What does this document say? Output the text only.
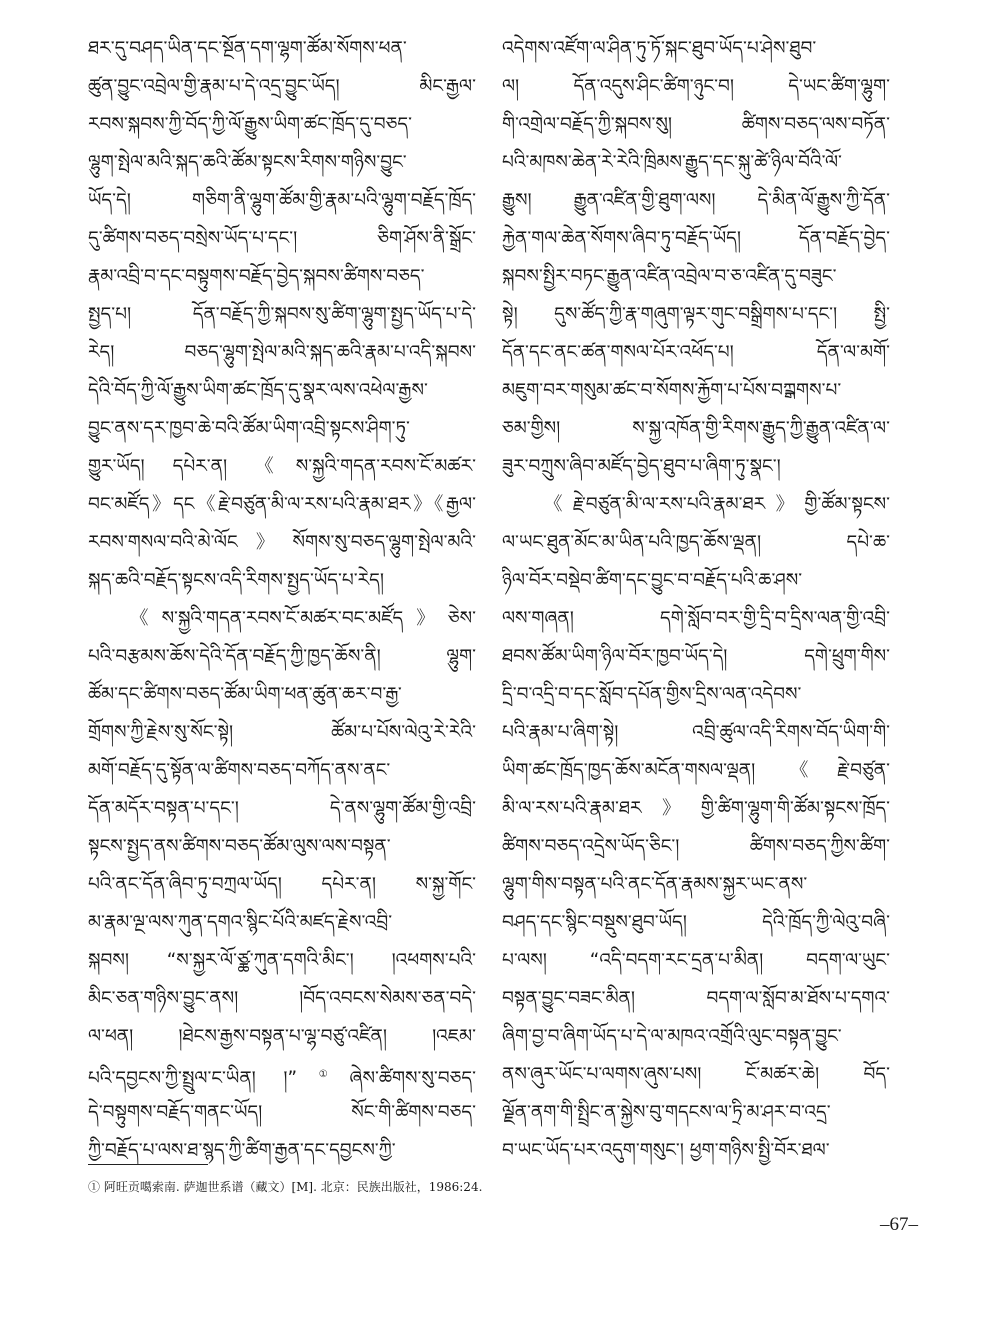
ཐར་དུ་བཤད་ཡིན་དང་སྔོན་དག་ལྷག་ཚོམ་སོགས་ཕན་
ཚུན་བྱུང་འབྲེལ་གྱི་རྣམ་པ་དེ་འདྲ་བྱུང་ཡོད། མིང་རྒྱལ་
རབས་སྐབས་ཀྱི་བོད་ཀྱི་ལོ་རྒྱུས་ཡིག་ཚང་ཁྲོད་དུ་བཅད་
ལྷུག་སྤེལ་མའི་སྐད་ཆའི་ཚོམ་སྟངས་རིགས་གཉིས་བྱུང་
ཡོད་དེ། གཅིག་ནི་ལྷུག་ཚོམ་གྱི་རྣམ་པའི་ལྷུག་བརྗོད་ཁྲོད་
དུ་ཚིགས་བཅད་བསྲེས་ཡོད་པ་དང་། ཅིག་ཤོས་ནི་སྒྲོང་
རྣམ་འབྲི་བ་དང་བསྟུགས་བརྗོད་བྱེད་སྐབས་ཚིགས་བཅད་
སྤྱད་པ། དོན་བརྗོད་ཀྱི་སྐབས་སུ་ཚིག་ལྷུག་སྤྱད་ཡོད་པ་དེ་
རེད། བཅད་ལྷུག་སྤེལ་མའི་སྐད་ཆའི་རྣམ་པ་འདི་སྐབས་
དེའི་བོད་ཀྱི་ལོ་རྒྱུས་ཡིག་ཚང་ཁྲོད་དུ་སྣར་ལས་འཕེལ་རྒྱས་
བྱུང་ནས་དར་ཁྱབ་ཆེ་བའི་ཚོམ་ཡིག་འབྲི་སྟངས་ཤིག་ཏུ་
གྱུར་ཡོད། དཔེར་ན། 《ས་སྐྱའི་གདན་རབས་ངོ་མཚར་
བང་མཛོད》དང《རྗེ་བཙུན་མི་ལ་རས་པའི་རྣམ་ཐར》《རྒྱལ་
རབས་གསལ་བའི་མེ་ལོང》སོགས་སུ་བཅད་ལྷུག་སྤེལ་མའི་
སྐད་ཆའི་བརྗོད་སྟངས་འདི་རིགས་སྤྱད་ཡོད་པ་རེད།
《ས་སྐྱའི་གདན་རབས་ངོ་མཚར་བང་མཛོད》ཅེས་
པའི་བརྩམས་ཆོས་དེའི་དོན་བརྗོད་ཀྱི་ཁྱད་ཆོས་ནི། ལྷུག་
ཚོམ་དང་ཚིགས་བཅད་ཚོམ་ཡིག་ཕན་ཚུན་ཆར་བ་རྒྱ་
གྲོགས་ཀྱི་རྗེས་སུ་སོང་སྟེ། ཚོམ་པ་པོས་ལེའུ་རེ་རེའི་
མགོ་བརྗོད་དུ་སྟོན་ལ་ཚིགས་བཅད་བཀོད་ནས་ནང་
དོན་མདོར་བསྟན་པ་དང་། དེ་ནས་ལྷུག་ཚོམ་གྱི་འབྲི་
སྟངས་སྤྱད་ནས་ཚིགས་བཅད་ཚོམ་ལུས་ལས་བསྟན་
པའི་ནང་དོན་ཞིབ་ཏུ་བཀྲལ་ཡོད། དཔེར་ན། ས་སྐྱ་གོང་
མ་རྣམ་ལྔ་ལས་ཀུན་དགའ་སྙིང་པོའི་མཛད་རྗེས་འབྲི་
སྐབས། “ས་སྐྱར་ལོ་ཙྪ་ཀུན་དགའི་མིང་། །འཕགས་པའི་
མིང་ཅན་གཉིས་བྱུང་ནས། །བོད་འབངས་སེམས་ཅན་བདེ་
ལ་ཕན། །ཐེངས་རྒྱས་བསྟན་པ་ལྷ་བཙུ་འཛིན། །འཇམ་
པའི་དབྱངས་ཀྱི་སྤྲུལ་ང་ཡིན། །”①ཞེས་ཚིགས་སུ་བཅད་
དེ་བསྟུགས་བརྗོད་གནང་ཡོད། སོང་གི་ཚིགས་བཅད་
ཀྱི་བརྗོད་པ་ལས་ཐ་སྙད་ཀྱི་ཚིག་རྒྱན་དང་དབྱངས་ཀྱི་
འདེགས་འཛོག་ལ་ཤིན་ཏུ་ཏོ་སྐང་ཐུབ་ཡོད་པ་ཤེས་ཐུབ་
ལ། དོན་འདུས་ཤིང་ཚིག་ཉུང་བ། དེ་ཡང་ཚིག་ལྷུག་
གི་འགྲེལ་བརྗོད་ཀྱི་སྐབས་སུ། ཚིགས་བཅད་ལས་བཏོན་
པའི་མཁས་ཆེན་རེ་རེའི་ཁྲིམས་རྒྱུད་དང་སྐུ་ཚེ་ཉིལ་བོའི་ལོ་
རྒྱུས། རྒྱུན་འཛིན་གྱི་ཐུག་ལས། དེ་མིན་ལོ་རྒྱུས་ཀྱི་དོན་
རྐྱེན་གལ་ཆེན་སོགས་ཞིབ་ཏུ་བརྗོད་ཡོད། དོན་བརྗོད་བྱེད་
སྐབས་སྤྱིར་བཏང་རྒྱུན་འཛིན་འབྲེལ་བ་ཅ་འཛིན་དུ་བཟུང་
སྟེ། དུས་ཚོད་ཀྱི་རྣ་གཞུག་ལྟར་གུང་བསྒྲིགས་པ་དང་། སྤྱི་
དོན་དང་ནང་ཚན་གསལ་པོར་འཕོད་པ། དོན་ལ་མགོ་
མཇུག་བར་གསུམ་ཚང་བ་སོགས་རྐྱོག་པ་པོས་བཀྲྒགས་པ་
ཅམ་གྱིས། ས་སྐྱ་འཁོན་གྱི་རིགས་རྒྱུད་ཀྱི་རྒྱུན་འཛིན་ལ་
ཟུར་བཀྲུས་ཞིབ་མཛོད་བྱེད་ཐུབ་པ་ཞིག་ཏུ་སྣང་།
《རྗེ་བཙུན་མི་ལ་རས་པའི་རྣམ་ཐར》གྱི་ཚོམ་སྟངས་
ལ་ཡང་ཐུན་མོང་མ་ཡིན་པའི་ཁྱད་ཆོས་ལྡན། དཔེ་ཆ་
ཉིལ་བོར་བསྡེབ་ཚིག་དང་བྱུང་བ་བརྗོད་པའི་ཆ་ཤས་
ལས་གཞན། དགེ་སློབ་བར་གྱི་དྲི་བ་དྲིས་ལན་གྱི་འབྲི་
ཐབས་ཚོམ་ཡིག་ཉིལ་བོར་ཁྱབ་ཡོད་དེ། དགེ་ཕྲུག་གིས་
དྲི་བ་འདྲི་བ་དང་སློབ་དཔོན་གྱིས་དྲིས་ལན་འདེབས་
པའི་རྣམ་པ་ཞིག་སྟེ། འབྲི་ཚུལ་འདི་རིགས་བོད་ཡིག་གི་
ཡིག་ཚང་ཁྲོད་ཁྱད་ཆོས་མངོན་གསལ་ལྡན། 《རྗེ་བཙུན་
མི་ལ་རས་པའི་རྣམ་ཐར》གྱི་ཚིག་ལྷུག་གི་ཚོམ་སྟངས་ཁྲོད་
ཚིགས་བཅད་འདྲེས་ཡོད་ཅིང་། ཚིགས་བཅད་ཀྱིས་ཚིག་
ལྷུག་གིས་བསྟན་པའི་ནང་དོན་རྣམས་སྐྱར་ཡང་ནས་
བཤད་དང་སྙིང་བསྡུས་ཐུབ་ཡོད། དེའི་ཁྲོད་ཀྱི་ལེའུ་བཞི་
པ་ལས། “འདི་བདག་རང་དྲན་པ་མིན། བདག་ལ་ཡུང་
བསྟན་བྱུང་བཟང་མིན། བདག་ལ་སློབ་མ་ཐོས་པ་དགའ་
ཞིག་བྱ་བ་ཞིག་ཡོད་པ་དེ་ལ་མཁའ་འགྲོའི་ལུང་བསྟན་བྱུང་
ནས་ཞུར་ཡོང་པ་ལགས་ཞུས་པས། ངོ་མཚར་ཆེ། བོད་
ལྗོན་ནག་གི་སྤྲིང་ན་སྐྱེས་བུ་གདངས་ལ་ཏྲི་མ་ཤར་བ་འདྲ་
བ་ཡང་ཡོད་པར་འདུག་གསུང་། ཕྱག་གཉིས་སྤྱི་བོར་ཐལ་
① 阿旺贡噶索南. 萨迦世系谱（藏文）[M]. 北京：民族出版社，1986:24.
–67–
